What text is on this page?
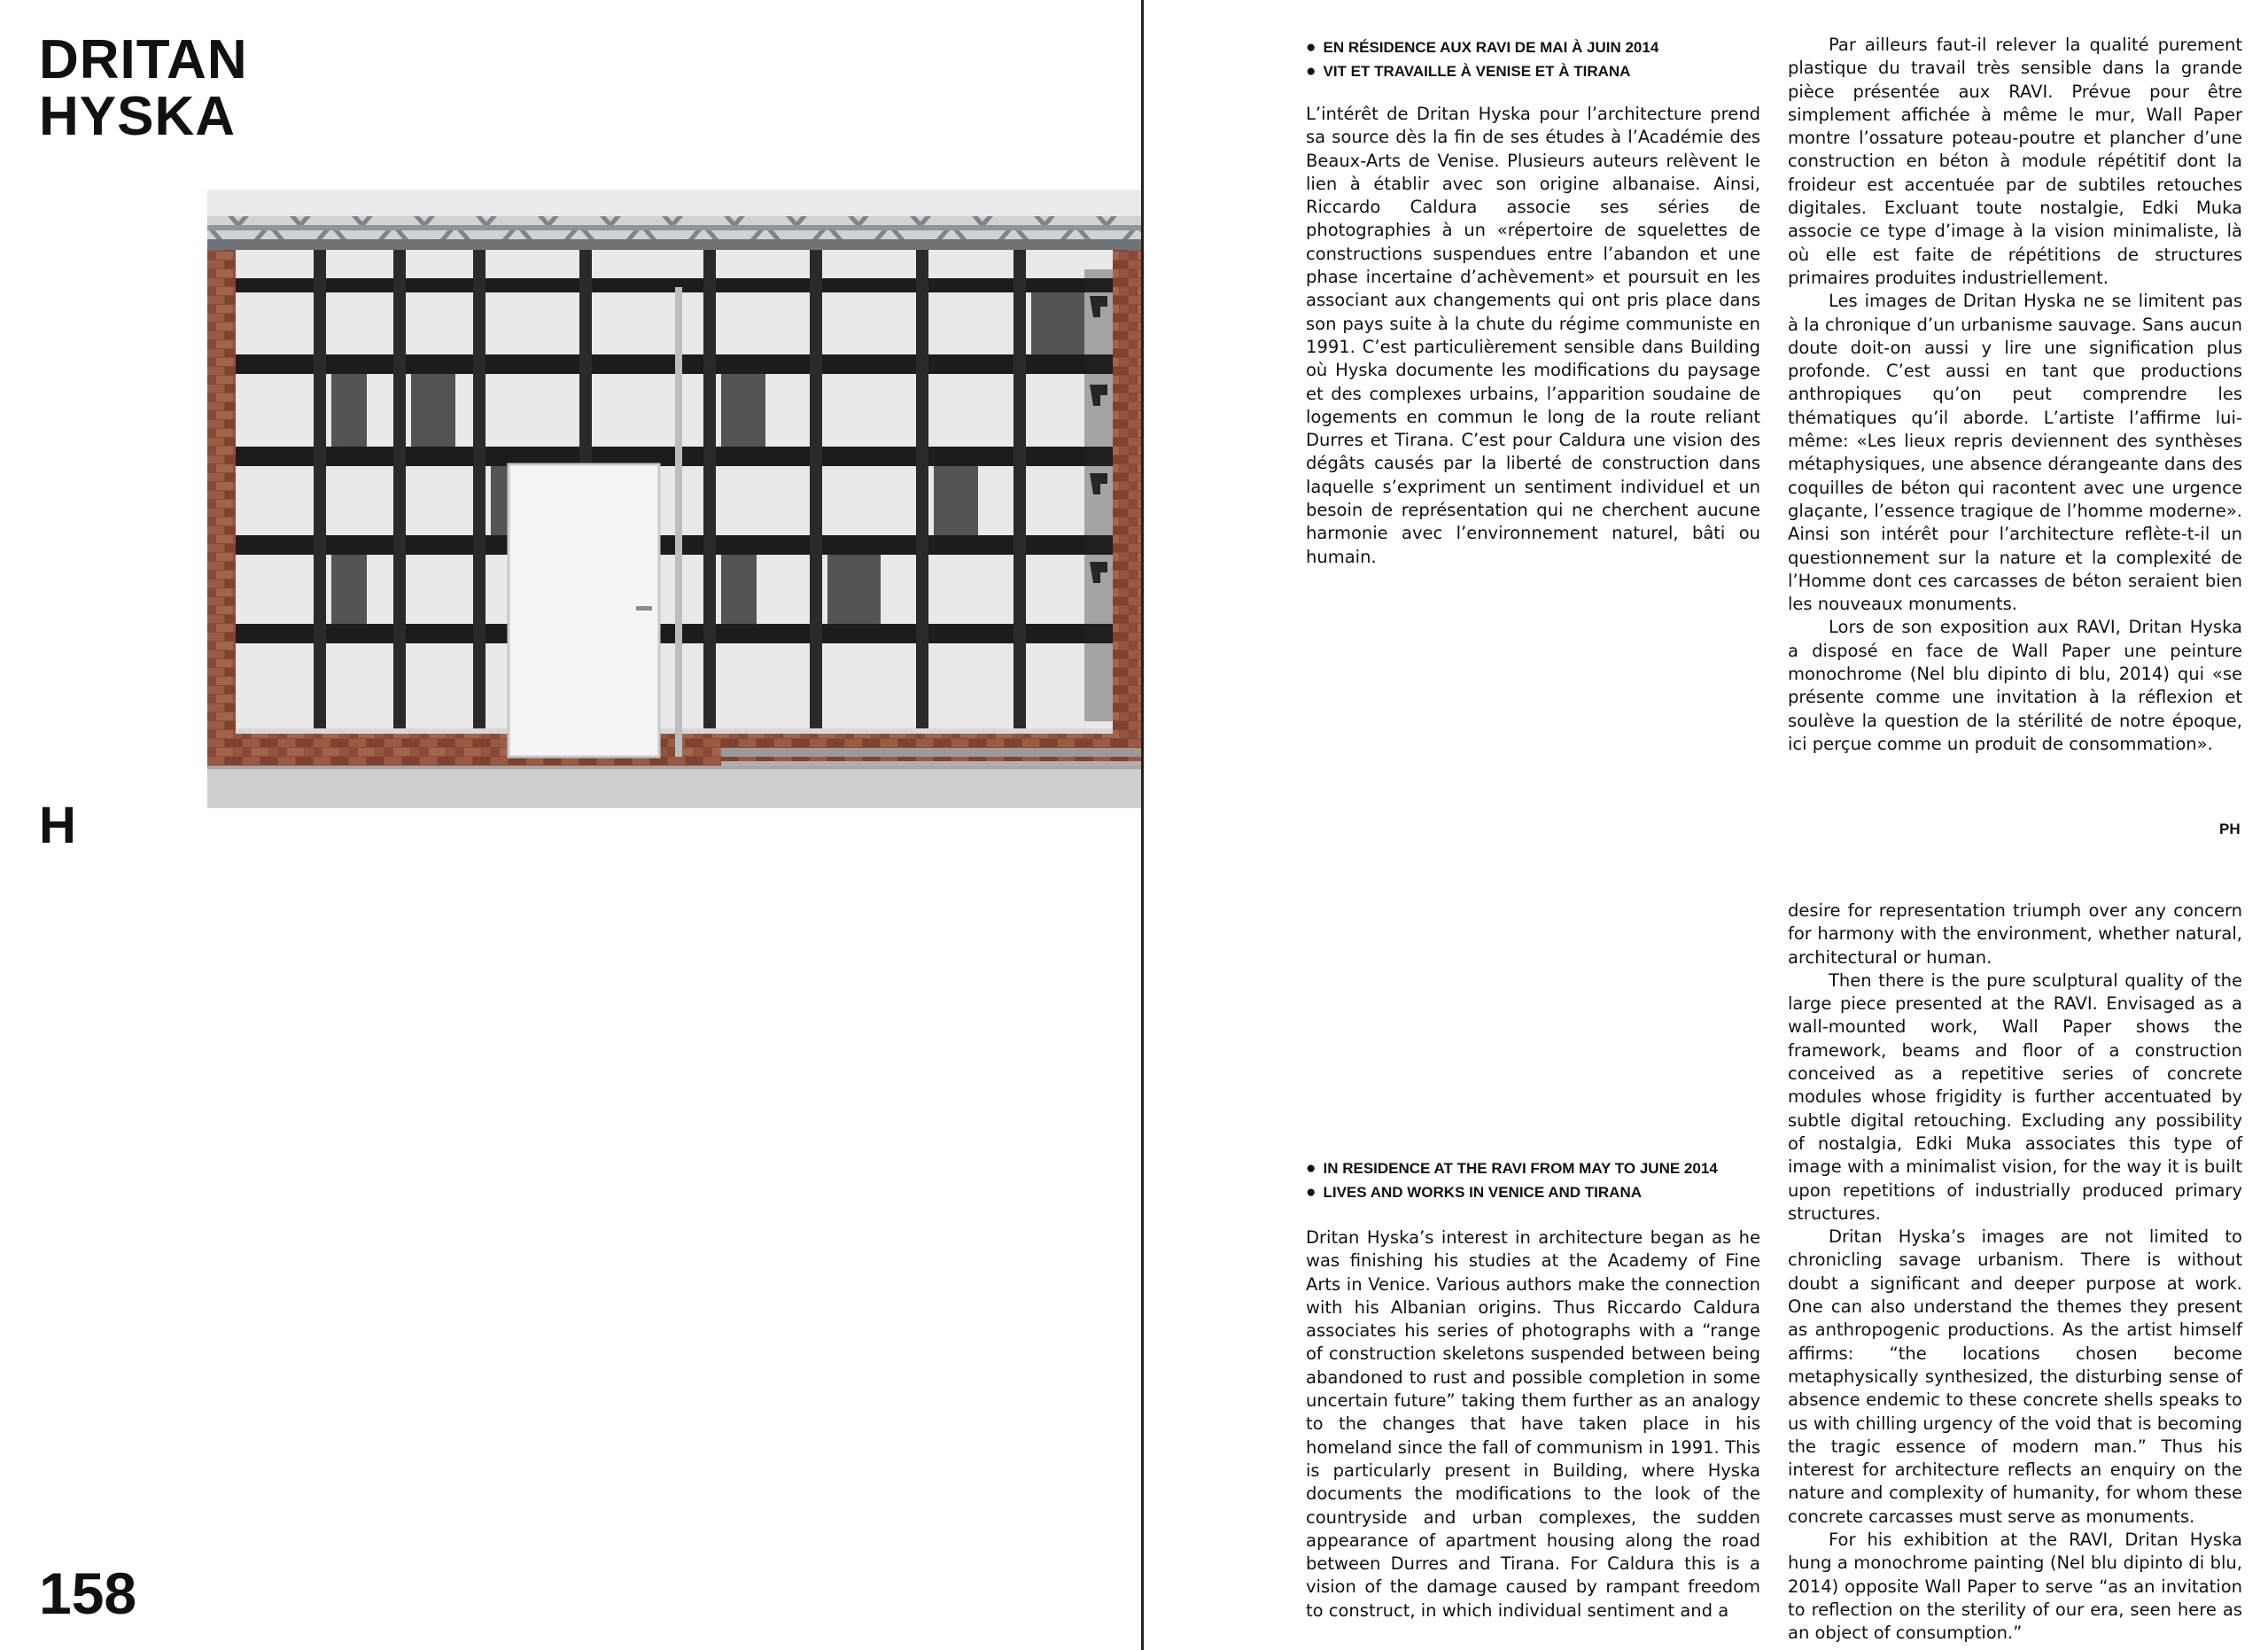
DRITAN
HYSKA
H
158
PH
● EN RÉSIDENCE AUX RAVI DE MAI À JUIN 2014
● VIT ET TRAVAILLE À VENISE ET À TIRANA

L’intérêt de Dritan Hyska pour l’architecture prend sa source dès la fin de ses études à l’Académie des Beaux-Arts de Venise. Plusieurs auteurs relèvent le lien à établir avec son origine albanaise. Ainsi, Riccardo Caldura associe ses séries de photographies à un «répertoire de squelettes de constructions suspendues entre l’abandon et une phase incertaine d’achèvement» et poursuit en les associant aux changements qui ont pris place dans son pays suite à la chute du régime communiste en 1991. C’est particulièrement sensible dans Building où Hyska documente les modifications du paysage et des complexes urbains, l’apparition soudaine de logements en commun le long de la route reliant Durres et Tirana. C’est pour Caldura une vision des dégâts causés par la liberté de construction dans laquelle s’expriment un sentiment individuel et un besoin de représentation qui ne cherchent aucune harmonie avec l’environnement naturel, bâti ou humain.

Par ailleurs faut-il relever la qualité purement plastique du travail très sensible dans la grande pièce présentée aux RAVI. Prévue pour être simplement affichée à même le mur, Wall Paper montre l’ossature poteau-poutre et plancher d’une construction en béton à module répétitif dont la froideur est accentuée par de subtiles retouches digitales. Excluant toute nostalgie, Edki Muka associe ce type d’image à la vision minimaliste, là où elle est faite de répétitions de structures primaires produites industriellement.

Les images de Dritan Hyska ne se limitent pas à la chronique d’un urbanisme sauvage. Sans aucun doute doit-on aussi y lire une signification plus profonde. C’est aussi en tant que productions anthropiques qu’on peut comprendre les thématiques qu’il aborde. L’artiste l’affirme lui-même: «Les lieux repris deviennent des synthèses métaphysiques, une absence dérangeante dans des coquilles de béton qui racontent avec une urgence glaçante, l’essence tragique de l’homme moderne». Ainsi son intérêt pour l’architecture reflète-t-il un questionnement sur la nature et la complexité de l’Homme dont ces carcasses de béton seraient bien les nouveaux monuments.

Lors de son exposition aux RAVI, Dritan Hyska a disposé en face de Wall Paper une peinture monochrome (Nel blu dipinto di blu, 2014) qui «se présente comme une invitation à la réflexion et soulève la question de la stérilité de notre époque, ici perçue comme un produit de consommation».

● IN RESIDENCE AT THE RAVI FROM MAY TO JUNE 2014
● LIVES AND WORKS IN VENICE AND TIRANA

Dritan Hyska’s interest in architecture began as he was finishing his studies at the Academy of Fine Arts in Venice. Various authors make the connection with his Albanian origins. Thus Riccardo Caldura associates his series of photographs with a “range of construction skeletons suspended between being abandoned to rust and possible completion in some uncertain future” taking them further as an analogy to the changes that have taken place in his homeland since the fall of communism in 1991. This is particularly present in Building, where Hyska documents the modifications to the look of the countryside and urban complexes, the sudden appearance of apartment housing along the road between Durres and Tirana. For Caldura this is a vision of the damage caused by rampant freedom to construct, in which individual sentiment and a

desire for representation triumph over any concern for harmony with the environment, whether natural, architectural or human.

Then there is the pure sculptural quality of the large piece presented at the RAVI. Envisaged as a wall-mounted work, Wall Paper shows the framework, beams and floor of a construction conceived as a repetitive series of concrete modules whose frigidity is further accentuated by subtle digital retouching. Excluding any possibility of nostalgia, Edki Muka associates this type of image with a minimalist vision, for the way it is built upon repetitions of industrially produced primary structures.

Dritan Hyska’s images are not limited to chronicling savage urbanism. There is without doubt a significant and deeper purpose at work. One can also understand the themes they present as anthropogenic productions. As the artist himself affirms: “the locations chosen become metaphysically synthesized, the disturbing sense of absence endemic to these concrete shells speaks to us with chilling urgency of the void that is becoming the tragic essence of modern man.” Thus his interest for architecture reflects an enquiry on the nature and complexity of humanity, for whom these concrete carcasses must serve as monuments.

For his exhibition at the RAVI, Dritan Hyska hung a monochrome painting (Nel blu dipinto di blu, 2014) opposite Wall Paper to serve “as an invitation to reflection on the sterility of our era, seen here as an object of consumption.”
